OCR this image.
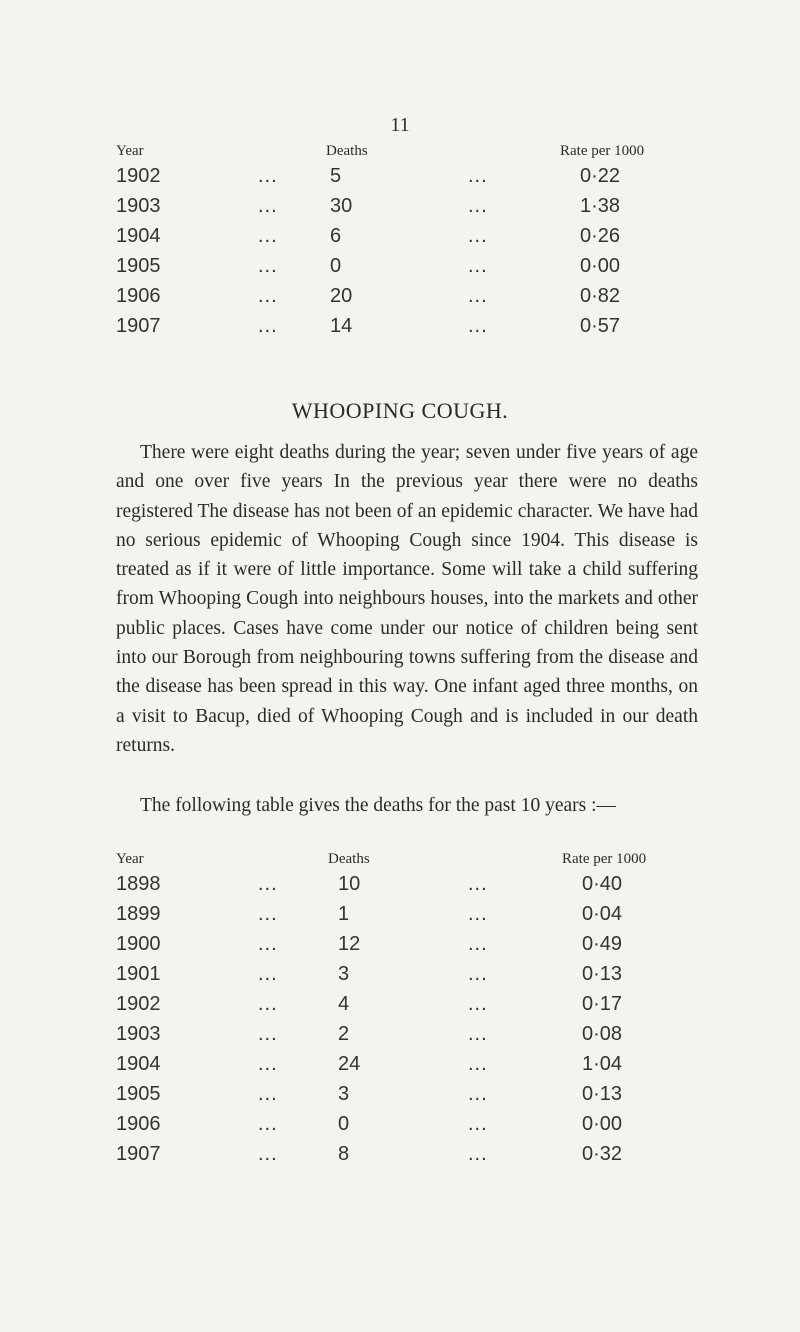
11
Year	Deaths	Rate per 1000
1902	...	5	...	0·22
1903	...	30	...	1·38
1904	...	6	...	0·26
1905	...	0	...	0·00
1906	...	20	...	0·82
1907	...	14	...	0·57
WHOOPING COUGH.

There were eight deaths during the year; seven under five years of age and one over five years In the previous year there were no deaths registered The disease has not been of an epidemic character. We have had no serious epidemic of Whooping Cough since 1904. This disease is treated as if it were of little importance. Some will take a child suffering from Whooping Cough into neighbours houses, into the markets and other public places. Cases have come under our notice of children being sent into our Borough from neighbouring towns suffering from the disease and the disease has been spread in this way. One infant aged three months, on a visit to Bacup, died of Whooping Cough and is included in our death returns.

The following table gives the deaths for the past 10 years :—

Year	Deaths	Rate per 1000
1898	...	10	...	0·40
1899	...	1	...	0·04
1900	...	12	...	0·49
1901	...	3	...	0·13
1902	...	4	...	0·17
1903	...	2	...	0·08
1904	...	24	...	1·04
1905	...	3	...	0·13
1906	...	0	...	0·00
1907	...	8	...	0·32
